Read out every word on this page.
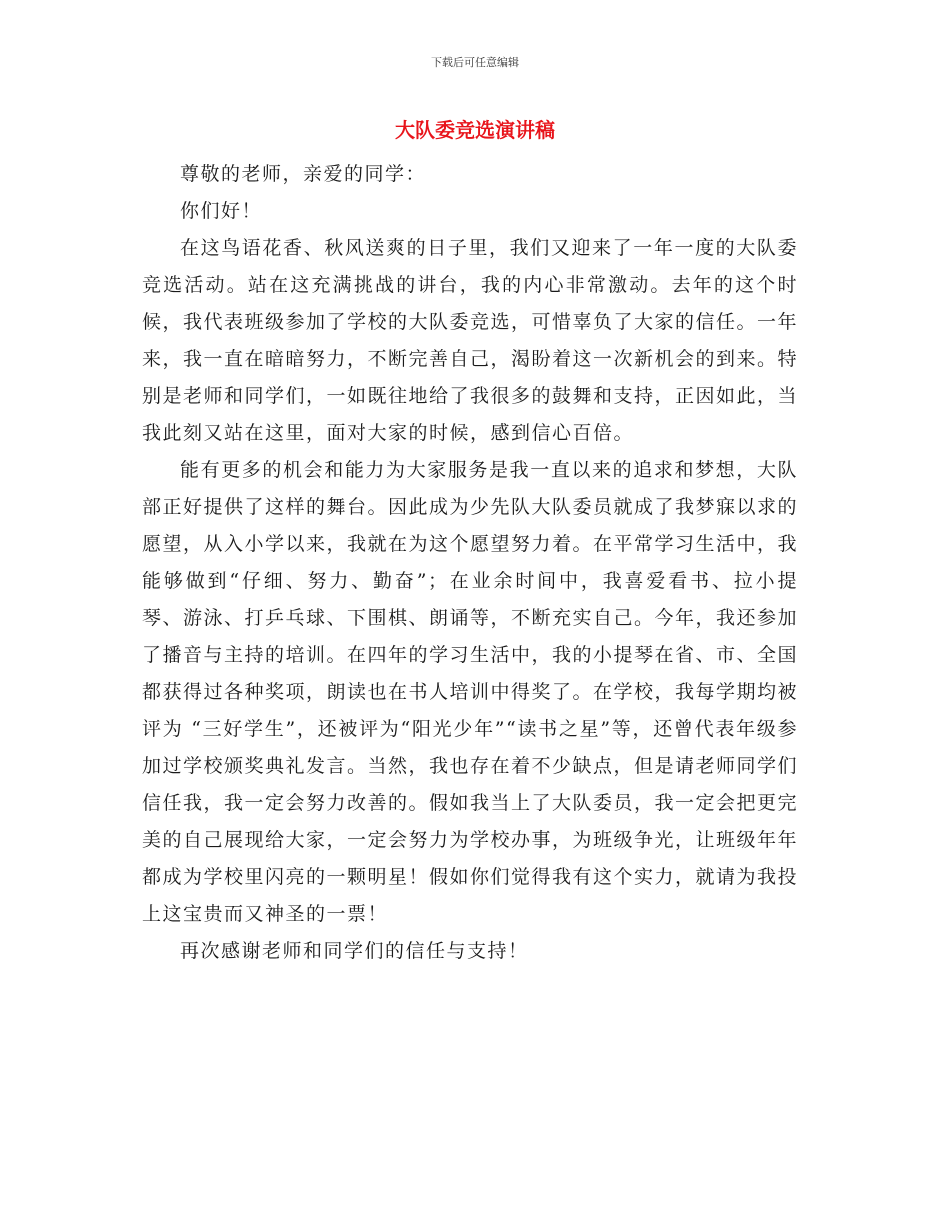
下载后可任意编辑
大队委竞选演讲稿

尊敬的老师，亲爱的同学：

你们好！

在这鸟语花香、秋风送爽的日子里，我们又迎来了一年一度的大队委竞选活动。站在这充满挑战的讲台，我的内心非常激动。去年的这个时候，我代表班级参加了学校的大队委竞选，可惜辜负了大家的信任。一年来，我一直在暗暗努力，不断完善自己，渴盼着这一次新机会的到来。特别是老师和同学们，一如既往地给了我很多的鼓舞和支持，正因如此，当我此刻又站在这里，面对大家的时候，感到信心百倍。

能有更多的机会和能力为大家服务是我一直以来的追求和梦想，大队部正好提供了这样的舞台。因此成为少先队大队委员就成了我梦寐以求的愿望，从入小学以来，我就在为这个愿望努力着。在平常学习生活中，我能够做到“仔细、努力、勤奋”；在业余时间中，我喜爱看书、拉小提琴、游泳、打乒乓球、下围棋、朗诵等，不断充实自己。今年，我还参加了播音与主持的培训。在四年的学习生活中，我的小提琴在省、市、全国都获得过各种奖项，朗读也在书人培训中得奖了。在学校，我每学期均被评为 “三好学生”，还被评为“阳光少年”“读书之星”等，还曾代表年级参加过学校颁奖典礼发言。当然，我也存在着不少缺点，但是请老师同学们信任我，我一定会努力改善的。假如我当上了大队委员，我一定会把更完美的自己展现给大家，一定会努力为学校办事，为班级争光，让班级年年都成为学校里闪亮的一颗明星！假如你们觉得我有这个实力，就请为我投上这宝贵而又神圣的一票！

再次感谢老师和同学们的信任与支持！
